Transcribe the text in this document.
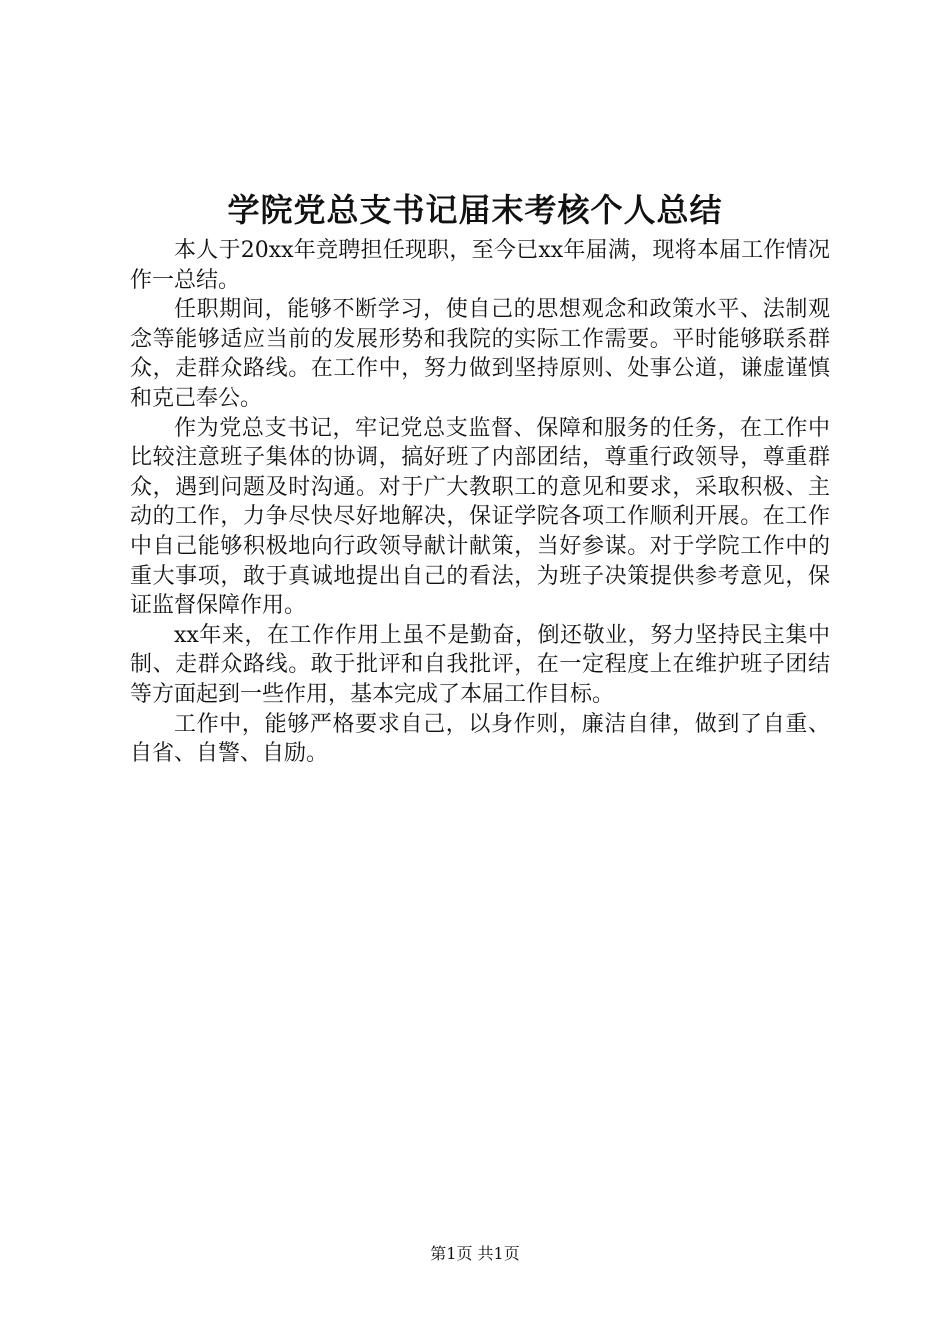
学院党总支书记届末考核个人总结

本人于20xx年竞聘担任现职，至今已xx年届满，现将本届工作情况作一总结。

任职期间，能够不断学习，使自己的思想观念和政策水平、法制观念等能够适应当前的发展形势和我院的实际工作需要。平时能够联系群众，走群众路线。在工作中，努力做到坚持原则、处事公道，谦虚谨慎和克己奉公。

作为党总支书记，牢记党总支监督、保障和服务的任务，在工作中比较注意班子集体的协调，搞好班了内部团结，尊重行政领导，尊重群众，遇到问题及时沟通。对于广大教职工的意见和要求，采取积极、主动的工作，力争尽快尽好地解决，保证学院各项工作顺利开展。在工作中自己能够积极地向行政领导献计献策，当好参谋。对于学院工作中的重大事项，敢于真诚地提出自己的看法，为班子决策提供参考意见，保证监督保障作用。

xx年来，在工作作用上虽不是勤奋，倒还敬业，努力坚持民主集中制、走群众路线。敢于批评和自我批评，在一定程度上在维护班子团结等方面起到一些作用，基本完成了本届工作目标。

工作中，能够严格要求自己，以身作则，廉洁自律，做到了自重、自省、自警、自励。

第1页 共1页
